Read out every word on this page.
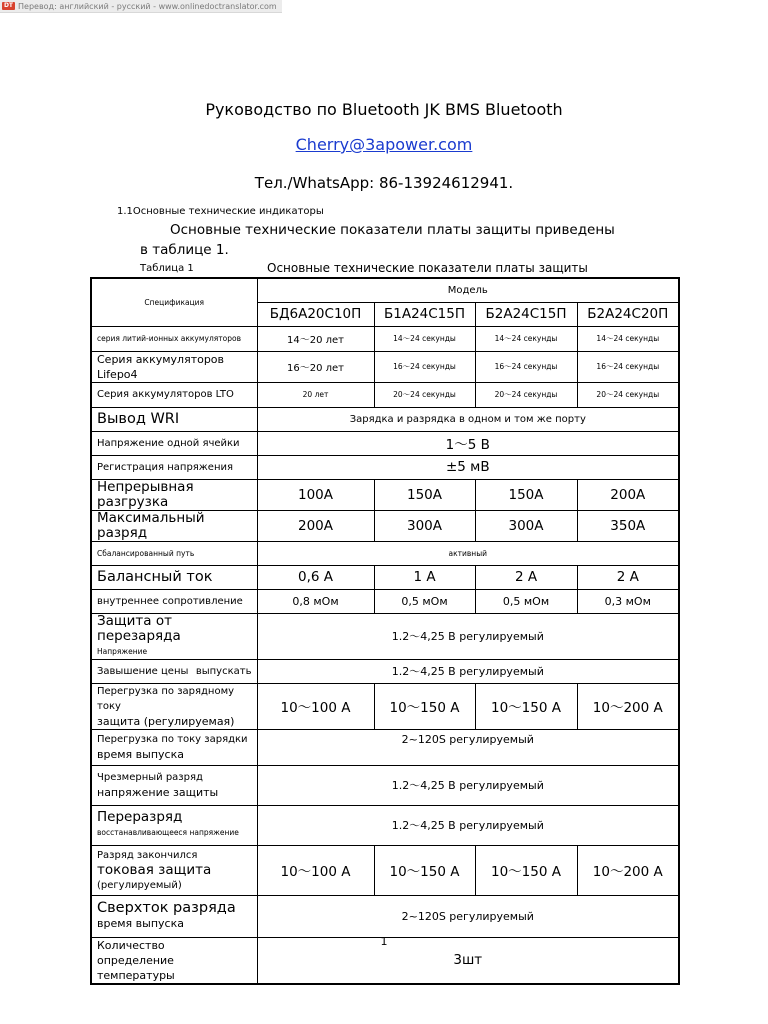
DT Перевод: английский - русский - www.onlinedoctranslator.com
Руководство по Bluetooth JK BMS Bluetooth
Cherry@3apower.com
Тел./WhatsApp: 86-13924612941.
1.1Основные технические индикаторы
Основные технические показатели платы защиты приведены в таблице 1.
Таблица 1	Основные технические показатели платы защиты
Спецификация	Модель			
	БД6А20С10П	Б1А24С15П	Б2А24С15П	Б2А24С20П
серия литий-ионных аккумуляторов	14～20 лет	14～24 секунды	14～24 секунды	14～24 секунды
Серия аккумуляторов Lifepo4	16～20 лет	16～24 секунды	16～24 секунды	16～24 секунды
Серия аккумуляторов LTO	20 лет	20～24 секунды	20～24 секунды	20～24 секунды
Вывод WRI	Зарядка и разрядка в одном и том же порту			
Напряжение одной ячейки	1～5 В			
Регистрация напряжения	±5 мВ			
Непрерывная разгрузка	100A	150A	150A	200A
Максимальный разряд	200A	300A	300A	350A
Сбалансированный путь	активный			
Балансный ток	0,6 А	1 А	2 А	2 А
внутреннее сопротивление	0,8 мОм	0,5 мОм	0,5 мОм	0,3 мОм

Защита от перезаряда
Напряжение	1.2～4,25 В регулируемый			
Завышение цены выпускать	1.2～4,25 В регулируемый			

Перегрузка по зарядному току
защита (регулируемая)	10～100 А	10～150 А	10～150 А	10～200 А

Перегрузка по току зарядки
время выпуска	2~120S регулируемый			

Чрезмерный разряд
напряжение защиты	1.2～4,25 В регулируемый			

Переразряд
восстанавливающееся напряжение	1.2～4,25 В регулируемый			

Разряд закончился
токовая защита
(регулируемый)	10～100 А	10～150 А	10～150 А	10～200 А

Сверхток разряда
время выпуска	2~120S регулируемый			

Количество
определение температуры	3шт			
1
